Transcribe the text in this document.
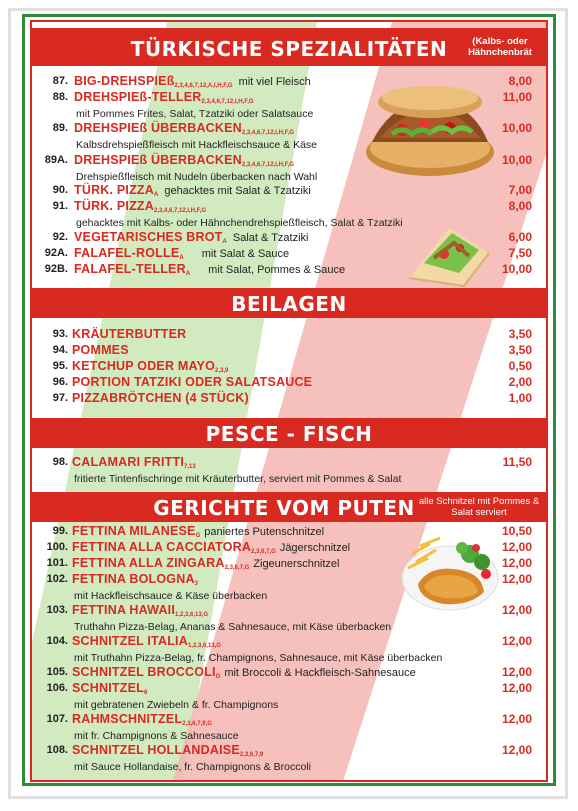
TÜRKISCHE SPEZIALITÄTEN	(Kalbs- oder Hähnchenbrät
87. BIG-DREHSPIEß$_{2,3,4,6,7,12,A,I,H,F,G}$ mit viel Fleisch	8,00
88. DREHSPIEß-$TELLER_{2,3,4,6,7,12,I,H,F,G}$	11,00
mit Pommes Frites, Salat, Tzatziki oder Salatsauce
89. DREHSPIEß $ÜBERBACKEN_{2,3,4,6,7,12,I,H,F,G}$	10,00
Kalbsdrehspießfleisch mit Hackfleischsauce & Käse
89A. DREHSPIEß $ÜBERBACKEN_{2,3,4,6,7,12,I,H,F,G}$	10,00
Drehspießfleisch mit Nudeln überbacken nach Wahl
90. TÜRK. $PIZZA_A$ gehacktes mit Salat & Tzatziki	7,00
91. TÜRK. $PIZZA_{2,3,4,6,7,12,I,H,F,G}$	8,00
gehacktes mit Kalbs- oder Hähnchendrehspießfleisch, Salat & Tzatziki
92. VEGETARISCHES $BROT_A$ Salat & Tzatziki	6,00
92A. FALAFEL-$ROLLE_A$ mit Salat & Sauce	7,50
92B. FALAFEL-$TELLER_A$ mit Salat, Pommes & Sauce	10,00
BEILAGEN
93. KRÄUTERBUTTER	3,50
94. POMMES	3,50
95. KETCHUP ODER $MAYO_{2,3,9}$	0,50
96. PORTION TATZIKI ODER SALATSAUCE	2,00
97. PIZZABRÖTCHEN (4 STÜCK)	1,00
PESCE - FISCH
98. CALAMARI $FRITTI_{7,13}$	11,50
fritierte Tintenfischringe mit Kräuterbutter, serviert mit Pommes & Salat
GERICHTE VOM PUTEN alle Schnitzel mit Pommes & Salat serviert
99. FETTINA $MILANESE_G$ paniertes Putenschnitzel	10,50
100. FETTINA ALLA $CACCIATORA_{2,3,6,7,G}$ Jägerschnitzel	12,00
101. FETTINA ALLA $ZINGARA_{2,3,6,7,G}$ Zigeunerschnitzel	12,00
102. FETTINA $BOLOGNA_3$	12,00
mit Hackfleischsauce & Käse überbacken
103. FETTINA $HAWAII_{1,2,3,6,13,G}$	12,00
Truthahn Pizza-Belag, Ananas & Sahnesauce, mit Käse überbacken
104. SCHNITZEL $ITALIA_{1,2,3,6,13,G}$	12,00
mit Truthahn Pizza-Belag, fr. Champignons, Sahnesauce, mit Käse überbacken
105. SCHNITZEL $BROCCOLI_G$ mit Broccoli & Hackfleisch-Sahnesauce	12,00
106. $SCHNITZEL_6$	12,00
mit gebratenen Zwiebeln & fr. Champignons
107. $RAHMSCHNITZEL_{2,3,6,7,9,G}$	12,00
mit fr. Champignons & Sahnesauce
108. SCHNITZEL $HOLLANDAISE_{2,3,6,7,9}$	12,00
mit Sauce Hollandaise, fr. Champignons & Broccoli
